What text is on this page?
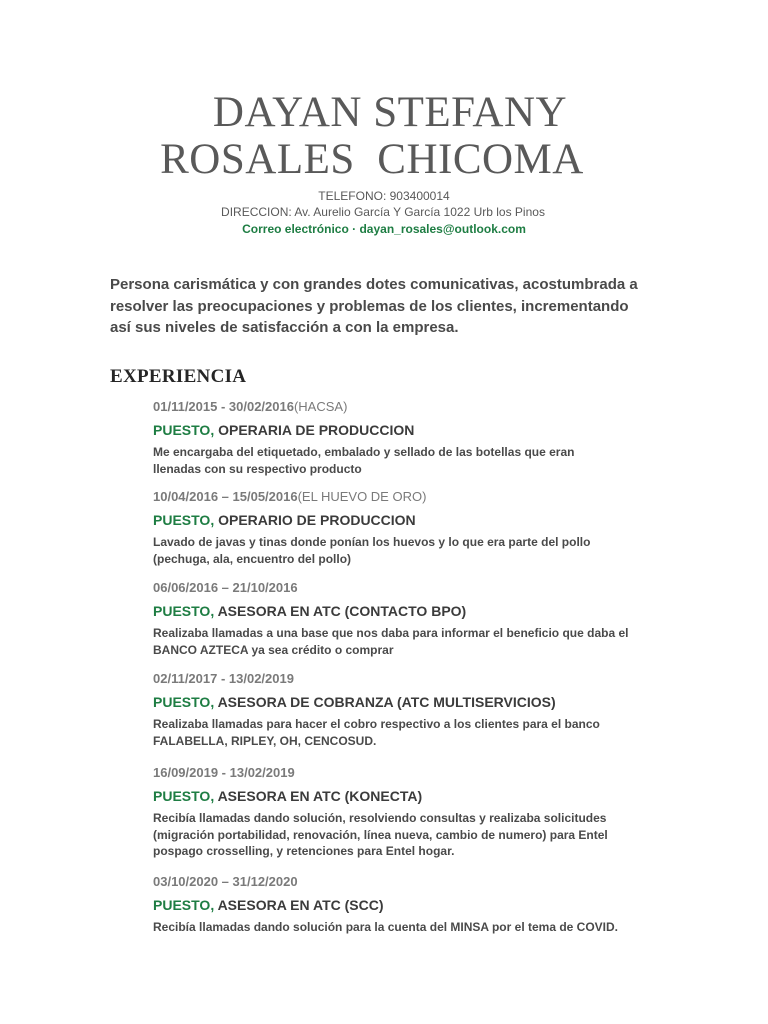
DAYAN STEFANY
ROSALES  CHICOMA
TELEFONO: 903400014
DIRECCION: Av. Aurelio García Y García 1022 Urb los Pinos
Correo electrónico · dayan_rosales@outlook.com
Persona carismática y con grandes dotes comunicativas, acostumbrada a
resolver las preocupaciones y problemas de los clientes, incrementando
así sus niveles de satisfacción a con la empresa.
EXPERIENCIA
01/11/2015 - 30/02/2016(HACSA)
PUESTO, OPERARIA DE PRODUCCION
Me encargaba del etiquetado, embalado y sellado de las botellas que eran
llenadas con su respectivo producto
10/04/2016 – 15/05/2016(EL HUEVO DE ORO)
PUESTO, OPERARIO DE PRODUCCION
Lavado de javas y tinas donde ponían los huevos y lo que era parte del pollo
(pechuga, ala, encuentro del pollo)
06/06/2016 – 21/10/2016
PUESTO, ASESORA EN ATC (CONTACTO BPO)
Realizaba llamadas a una base que nos daba para informar el beneficio que daba el
BANCO AZTECA ya sea crédito o comprar
02/11/2017 - 13/02/2019
PUESTO, ASESORA DE COBRANZA (ATC MULTISERVICIOS)
Realizaba llamadas para hacer el cobro respectivo a los clientes para el banco
FALABELLA, RIPLEY, OH, CENCOSUD.
16/09/2019 - 13/02/2019
PUESTO, ASESORA EN ATC (KONECTA)
Recibía llamadas dando solución, resolviendo consultas y realizaba solicitudes
(migración portabilidad, renovación, línea nueva, cambio de numero) para Entel
pospago crosselling, y retenciones para Entel hogar.
03/10/2020 – 31/12/2020
PUESTO, ASESORA EN ATC (SCC)
Recibía llamadas dando solución para la cuenta del MINSA por el tema de COVID.
